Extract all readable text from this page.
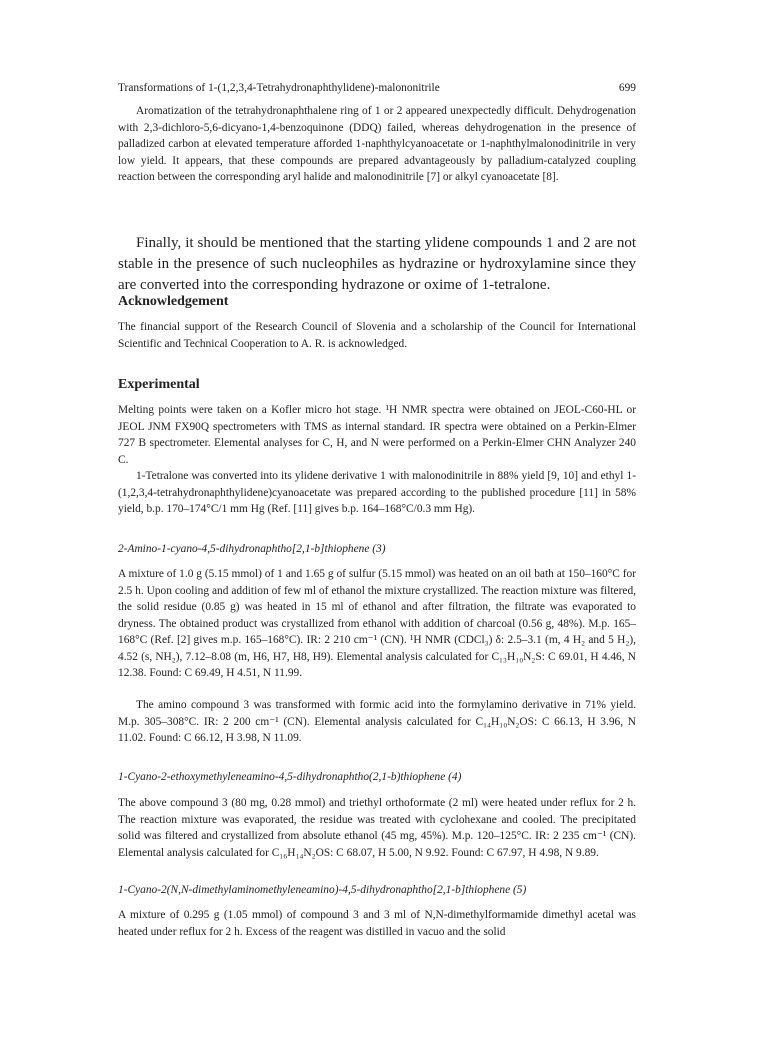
Transformations of 1-(1,2,3,4-Tetrahydronaphthylidene)-malononitrile	699

Aromatization of the tetrahydronaphthalene ring of 1 or 2 appeared unexpectedly difficult. Dehydrogenation with 2,3-dichloro-5,6-dicyano-1,4-benzoquinone (DDQ) failed, whereas dehydrogenation in the presence of palladized carbon at elevated temperature afforded 1-naphthylcyanoacetate or 1-naphthylmalonodinitrile in very low yield. It appears, that these compounds are prepared advantageously by palladium-catalyzed coupling reaction between the corresponding aryl halide and malonodinitrile [7] or alkyl cyanoacetate [8].

Finally, it should be mentioned that the starting ylidene compounds 1 and 2 are not stable in the presence of such nucleophiles as hydrazine or hydroxylamine since they are converted into the corresponding hydrazone or oxime of 1-tetralone.

Acknowledgement

The financial support of the Research Council of Slovenia and a scholarship of the Council for International Scientific and Technical Cooperation to A. R. is acknowledged.

Experimental

Melting points were taken on a Kofler micro hot stage. ¹H NMR spectra were obtained on JEOL-C60-HL or JEOL JNM FX90Q spectrometers with TMS as internal standard. IR spectra were obtained on a Perkin-Elmer 727 B spectrometer. Elemental analyses for C, H, and N were performed on a Perkin-Elmer CHN Analyzer 240 C.

1-Tetralone was converted into its ylidene derivative 1 with malonodinitrile in 88% yield [9, 10] and ethyl 1-(1,2,3,4-tetrahydronaphthylidene)cyanoacetate was prepared according to the published procedure [11] in 58% yield, b.p. 170–174°C/1 mm Hg (Ref. [11] gives b.p. 164–168°C/0.3 mm Hg).

2-Amino-1-cyano-4,5-dihydronaphtho[2,1-b]thiophene (3)

A mixture of 1.0 g (5.15 mmol) of 1 and 1.65 g of sulfur (5.15 mmol) was heated on an oil bath at 150–160°C for 2.5 h. Upon cooling and addition of few ml of ethanol the mixture crystallized. The reaction mixture was filtered, the solid residue (0.85 g) was heated in 15 ml of ethanol and after filtration, the filtrate was evaporated to dryness. The obtained product was crystallized from ethanol with addition of charcoal (0.56 g, 48%). M.p. 165–168°C (Ref. [2] gives m.p. 165–168°C). IR: 2 210 cm⁻¹ (CN). ¹H NMR (CDCl₃) δ: 2.5–3.1 (m, 4 H₂ and 5 H₂), 4.52 (s, NH₂), 7.12–8.08 (m, H6, H7, H8, H9). Elemental analysis calculated for C₁₃H₁₀N₂S: C 69.01, H 4.46, N 12.38. Found: C 69.49, H 4.51, N 11.99.

The amino compound 3 was transformed with formic acid into the formylamino derivative in 71% yield. M.p. 305–308°C. IR: 2 200 cm⁻¹ (CN). Elemental analysis calculated for C₁₄H₁₀N₂OS: C 66.13, H 3.96, N 11.02. Found: C 66.12, H 3.98, N 11.09.

1-Cyano-2-ethoxymethyleneamino-4,5-dihydronaphtho(2,1-b)thiophene (4)

The above compound 3 (80 mg, 0.28 mmol) and triethyl orthoformate (2 ml) were heated under reflux for 2 h. The reaction mixture was evaporated, the residue was treated with cyclohexane and cooled. The precipitated solid was filtered and crystallized from absolute ethanol (45 mg, 45%). M.p. 120–125°C. IR: 2 235 cm⁻¹ (CN). Elemental analysis calculated for C₁₆H₁₄N₂OS: C 68.07, H 5.00, N 9.92. Found: C 67.97, H 4.98, N 9.89.

1-Cyano-2(N,N-dimethylaminomethyleneamino)-4,5-dihydronaphtho[2,1-b]thiophene (5)

A mixture of 0.295 g (1.05 mmol) of compound 3 and 3 ml of N,N-dimethylformamide dimethyl acetal was heated under reflux for 2 h. Excess of the reagent was distilled in vacuo and the solid
